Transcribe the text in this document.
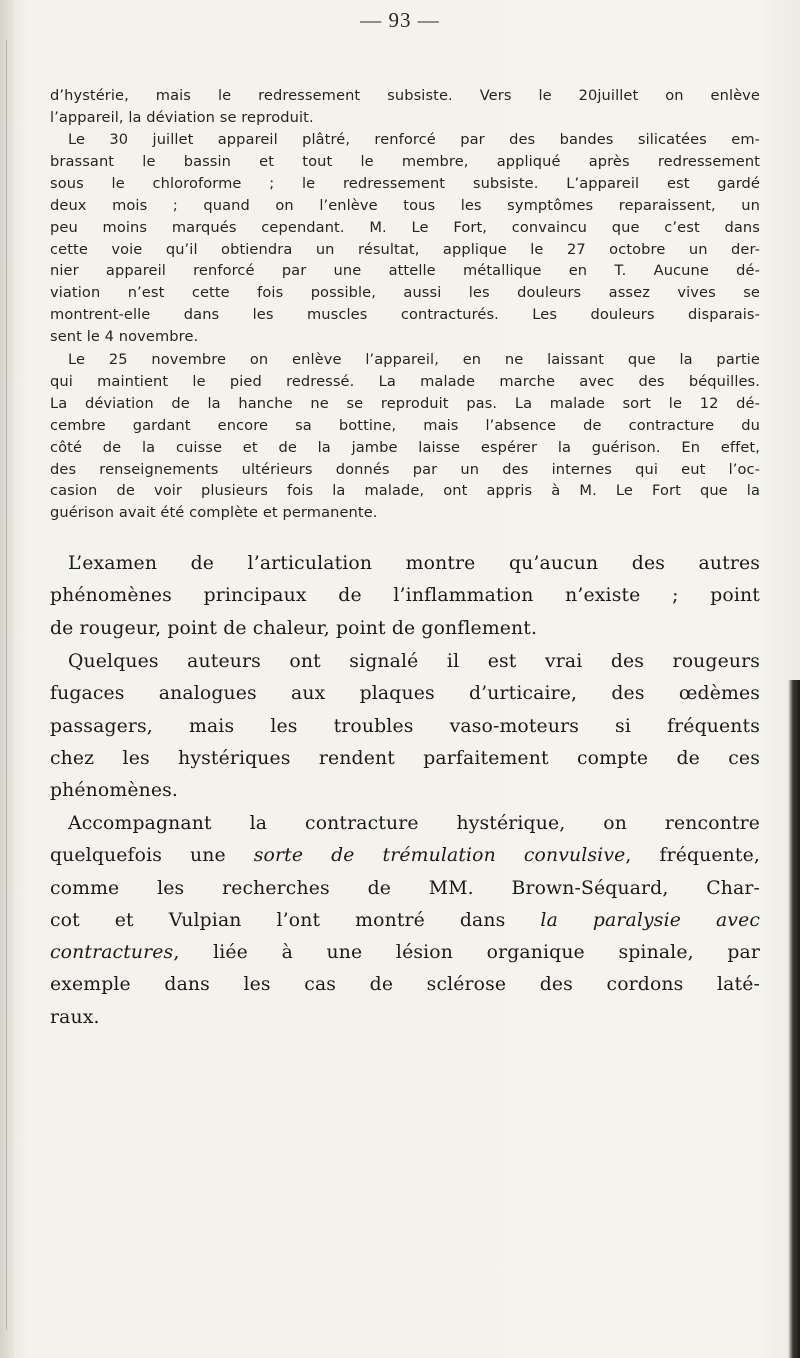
— 93 —
d’hystérie, mais le redressement subsiste. Vers le 20juillet on enlève
l’appareil, la déviation se reproduit.
Le 30 juillet appareil plâtré, renforcé par des bandes silicatées em-
brassant le bassin et tout le membre, appliqué après redressement
sous le chloroforme ; le redressement subsiste. L’appareil est gardé
deux mois ; quand on l’enlève tous les symptômes reparaissent, un
peu moins marqués cependant. M. Le Fort, convaincu que c’est dans
cette voie qu’il obtiendra un résultat, applique le 27 octobre un der-
nier appareil renforcé par une attelle métallique en T. Aucune dé-
viation n’est cette fois possible, aussi les douleurs assez vives se
montrent-elle dans les muscles contracturés. Les douleurs disparais-
sent le 4 novembre.
Le 25 novembre on enlève l’appareil, en ne laissant que la partie
qui maintient le pied redressé. La malade marche avec des béquilles.
La déviation de la hanche ne se reproduit pas. La malade sort le 12 dé-
cembre gardant encore sa bottine, mais l’absence de contracture du
côté de la cuisse et de la jambe laisse espérer la guérison. En effet,
des renseignements ultérieurs donnés par un des internes qui eut l’oc-
casion de voir plusieurs fois la malade, ont appris à M. Le Fort que la
guérison avait été complète et permanente.
L’examen de l’articulation montre qu’aucun des autres
phénomènes principaux de l’inflammation n’existe ; point
de rougeur, point de chaleur, point de gonflement.
Quelques auteurs ont signalé il est vrai des rougeurs
fugaces analogues aux plaques d’urticaire, des œdèmes
passagers, mais les troubles vaso-moteurs si fréquents
chez les hystériques rendent parfaitement compte de ces
phénomènes.
Accompagnant la contracture hystérique, on rencontre
quelquefois une sorte de trémulation convulsive, fréquente,
comme les recherches de MM. Brown-Séquard, Char-
cot et Vulpian l’ont montré dans la paralysie avec
contractures, liée à une lésion organique spinale, par
exemple dans les cas de sclérose des cordons laté-
raux.
